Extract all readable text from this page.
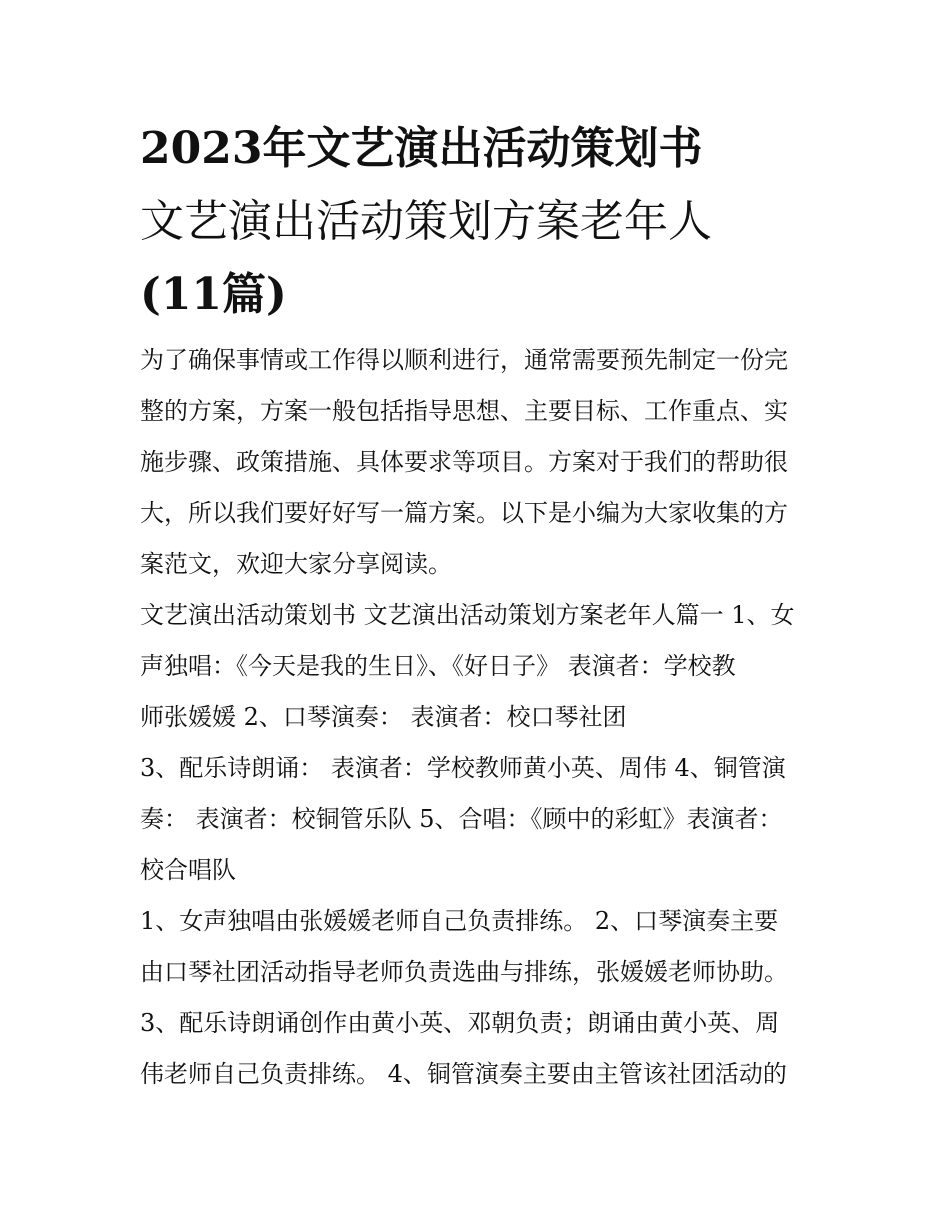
2023年文艺演出活动策划书
文艺演出活动策划方案老年人
(11篇)

为了确保事情或工作得以顺利进行，通常需要预先制定一份完
整的方案，方案一般包括指导思想、主要目标、工作重点、实
施步骤、政策措施、具体要求等项目。方案对于我们的帮助很
大，所以我们要好好写一篇方案。以下是小编为大家收集的方
案范文，欢迎大家分享阅读。

文艺演出活动策划书 文艺演出活动策划方案老年人篇一 1、女
声独唱：《今天是我的生日》、《好日子》 表演者：学校教
师张媛媛 2、口琴演奏： 表演者：校口琴社团

3、配乐诗朗诵： 表演者：学校教师黄小英、周伟 4、铜管演
奏： 表演者：校铜管乐队 5、合唱：《顾中的彩虹》表演者：
校合唱队

1、女声独唱由张媛媛老师自己负责排练。 2、口琴演奏主要
由口琴社团活动指导老师负责选曲与排练，张媛媛老师协助。
3、配乐诗朗诵创作由黄小英、邓朝负责；朗诵由黄小英、周
伟老师自己负责排练。 4、铜管演奏主要由主管该社团活动的
